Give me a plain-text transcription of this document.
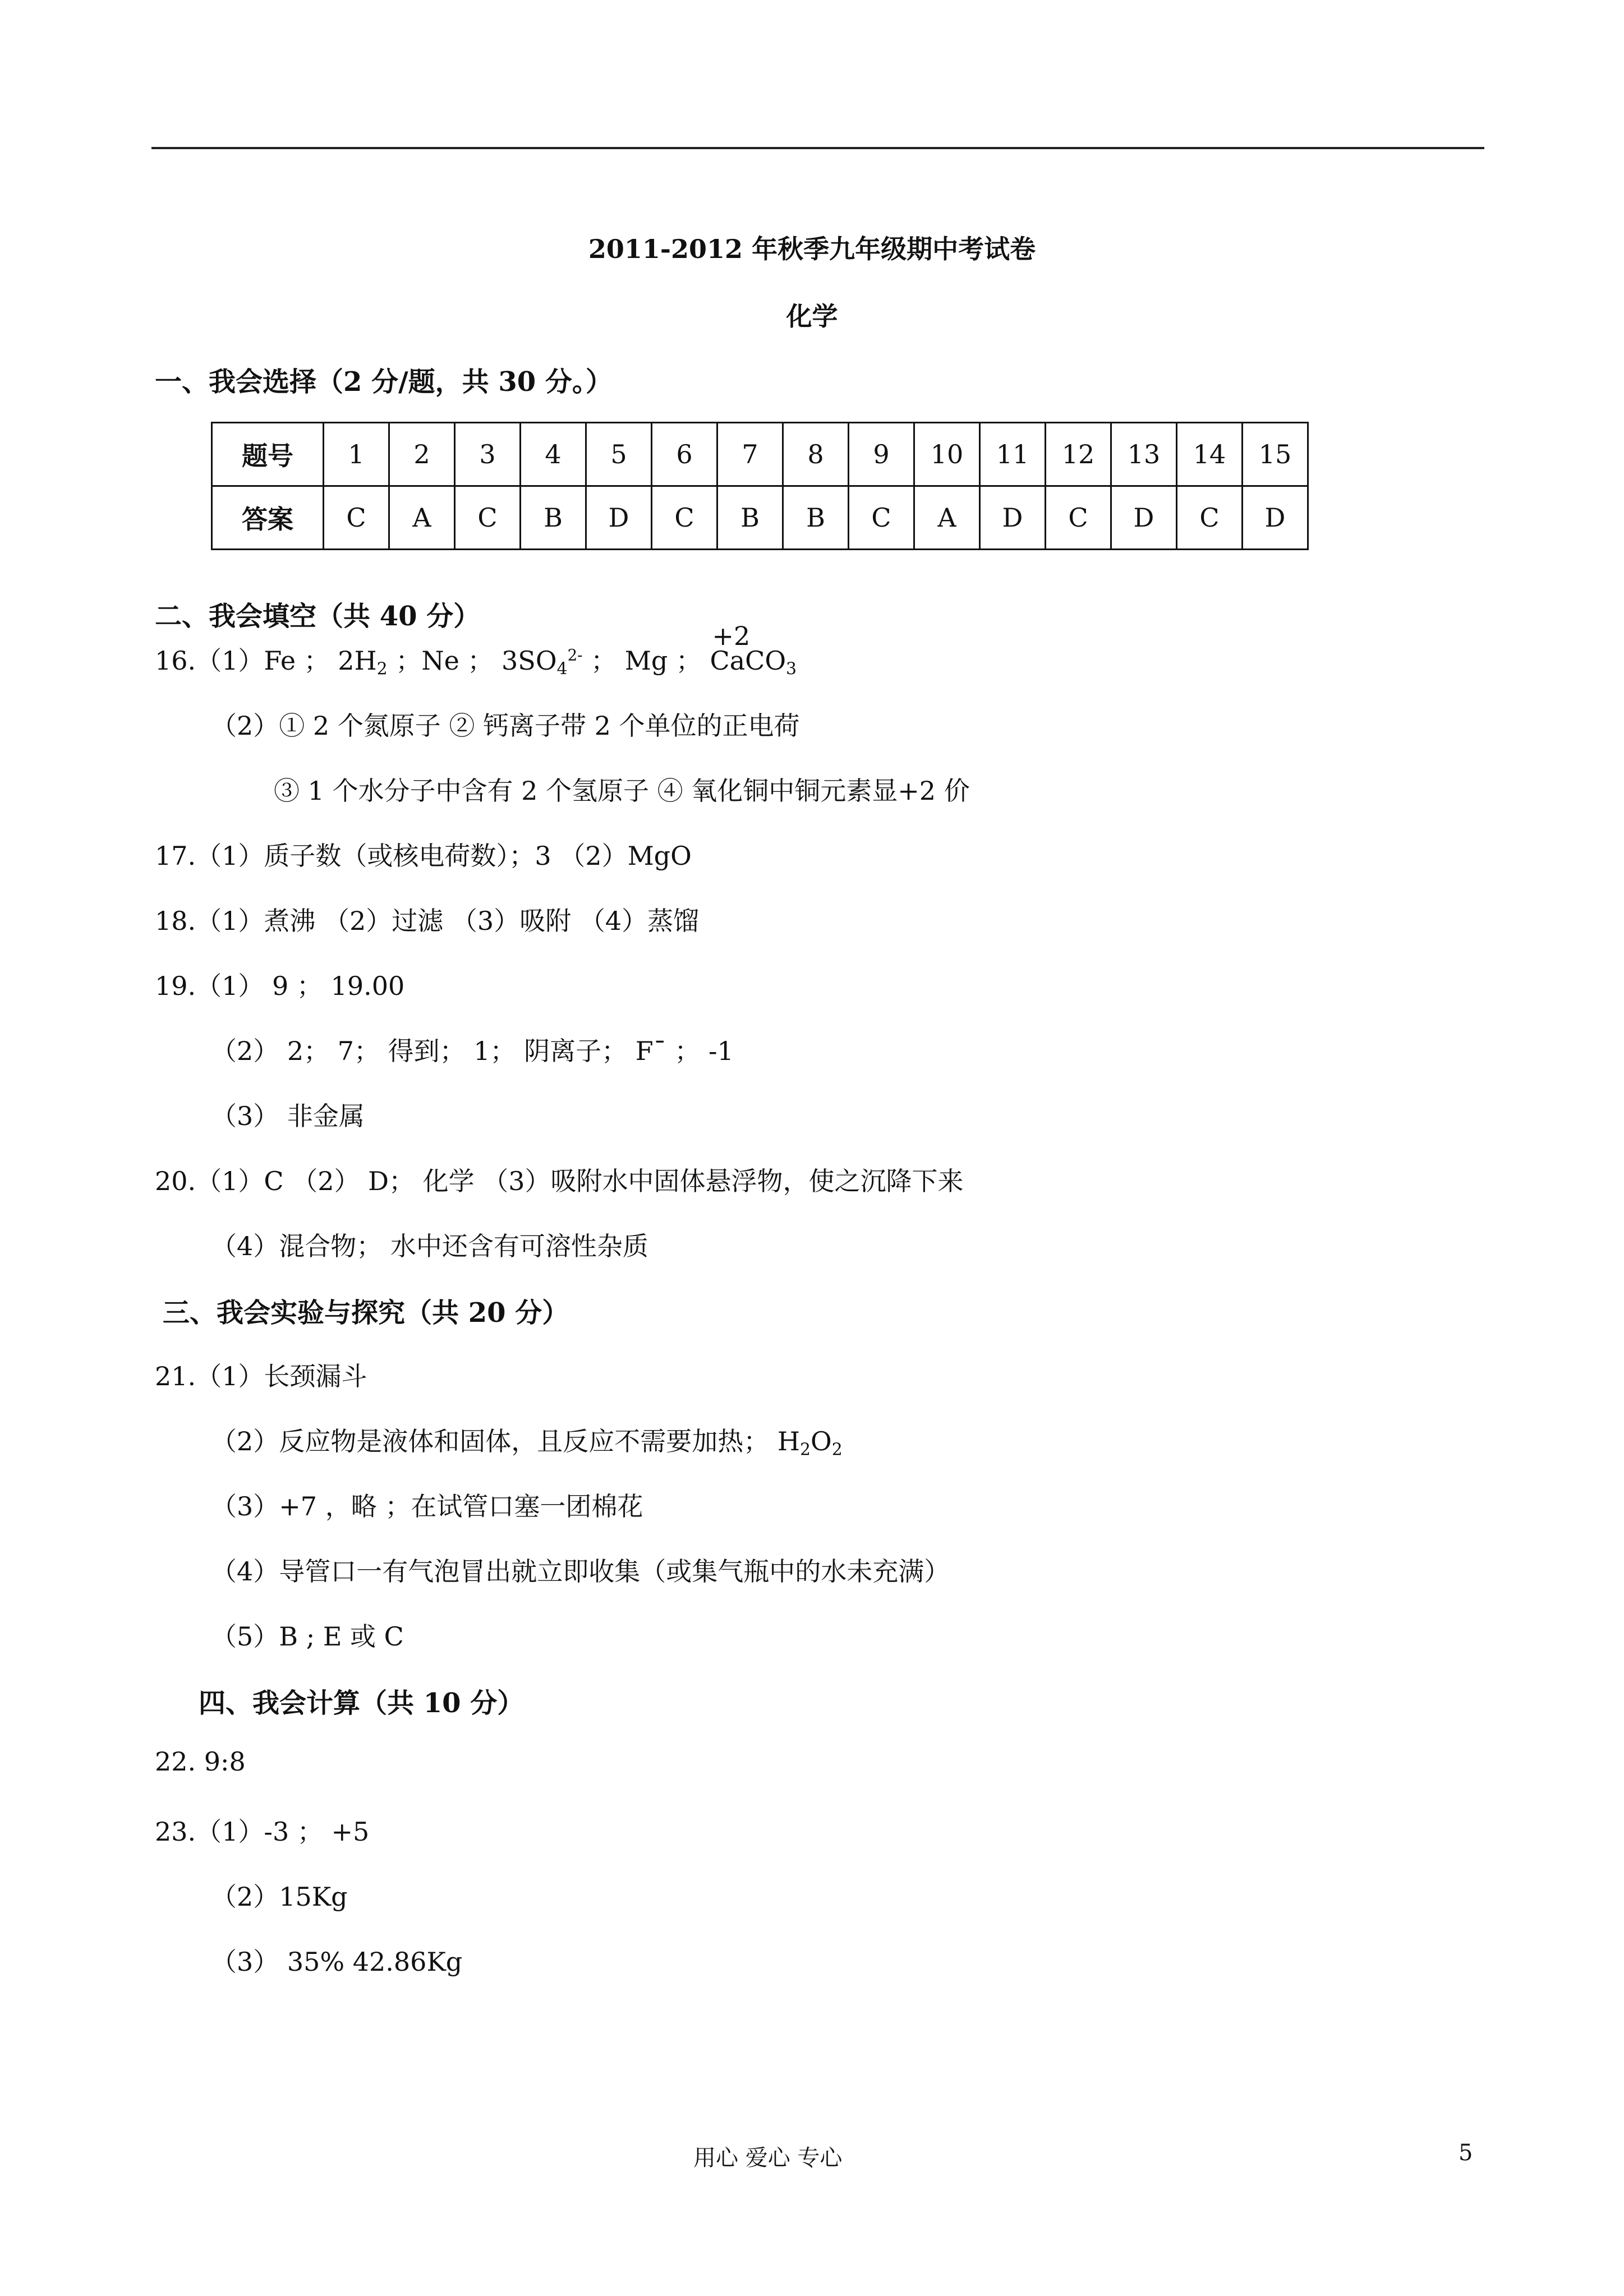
2011-2012 年秋季九年级期中考试卷
化学
一、我会选择（2 分/题，共 30 分。）
题号	1	2	3	4	5	6	7	8	9	10	11	12	13	14	15
答案	C	A	C	B	D	C	B	B	C	A	D	C	D	C	D
二、我会填空（共 40 分）
16.（1）Fe ； $2H_2$ ；Ne ； $3SO_4^{2-}$ ； Mg ；
+2
CaCO$_3$
（2）① 2 个氮原子 ② 钙离子带 2 个单位的正电荷
③ 1 个水分子中含有 2 个氢原子 ④ 氧化铜中铜元素显+2 价
17.（1）质子数（或核电荷数）；3 （2）MgO
18.（1）煮沸 （2）过滤 （3）吸附 （4）蒸馏
19.（1） 9 ； 19.00
（2） 2； 7； 得到； 1； 阴离子； F¯ ； -1
（3） 非金属
20.（1）C （2） D； 化学 （3）吸附水中固体悬浮物，使之沉降下来
（4）混合物； 水中还含有可溶性杂质
三、我会实验与探究（共 20 分）
21.（1）长颈漏斗
（2）反应物是液体和固体，且反应不需要加热； $H_2O_2$
（3）+7 ，略 ；在试管口塞一团棉花
（4）导管口一有气泡冒出就立即收集（或集气瓶中的水未充满）
（5）B ; E 或 C
四、我会计算（共 10 分）
22. 9:8
23.（1）-3 ； +5
（2）15Kg
（3） 35% 42.86Kg
用心 爱心 专心	5
